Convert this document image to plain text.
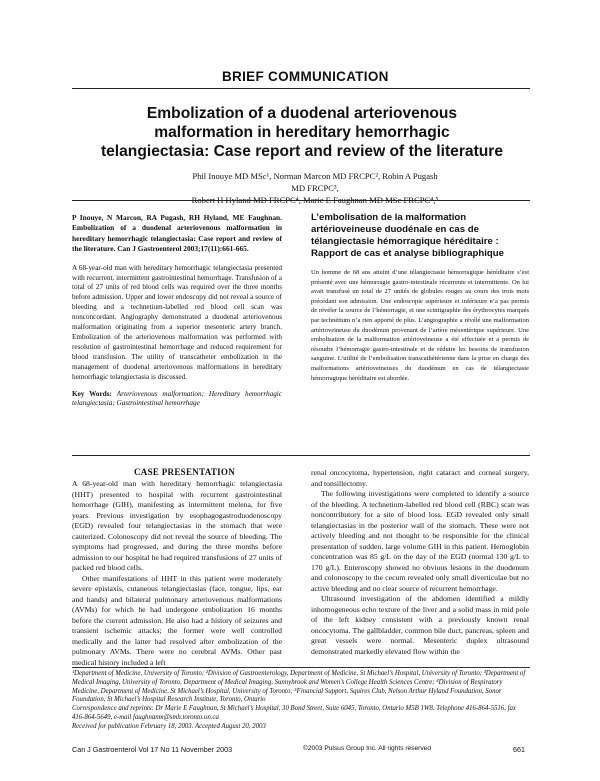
BRIEF COMMUNICATION
Embolization of a duodenal arteriovenous malformation in hereditary hemorrhagic telangiectasia: Case report and review of the literature
Phil Inouye MD MSc¹, Norman Marcon MD FRCPC², Robin A Pugash MD FRCPC³,
P Inouye, N Marcon, RA Pugash, RH Hyland, ME Faughnan. Embolization of a duodenal arteriovenous malformation in hereditary hemorrhagic telangiectasia: Case report and review of the literature. Can J Gastroenterol 2003;17(11):661-665.
A 68-year-old man with hereditary hemorrhagic telangiectasia presented with recurrent, intermittent gastrointestinal hemorrhage. Transfusion of a total of 27 units of red blood cells was required over the three months before admission. Upper and lower endoscopy did not reveal a source of bleeding and a technetium-labelled red blood cell scan was nonconcordant. Angiography demonstrated a duodenal arteriovenous malformation originating from a superior mesenteric artery branch. Embolization of the arteriovenous malformation was performed with resolution of gastrointestinal hemorrhage and reduced requirement for blood transfusion. The utility of transcatheter embolization in the management of duodenal arteriovenous malformations in hereditary hemorrhagic telangiectasia is discussed.
Key Words: Arteriovenous malformation; Hereditary hemorrhagic telangiectasia; Gastrointestinal hemorrhage
L’embolisation de la malformation artérioveineuse duodénale en cas de télangiectasie hémorragique héréditaire : Rapport de cas et analyse bibliographique
Un homme de 68 ans atteint d’une télangiectasie hémorragique héréditaire s’est présenté avec une hémorragie gastro-intestinale récurrente et intermittente. On lui avait transfusé un total de 27 unités de globules rouges au cours des trois mois précédant son admission. Une endoscopie supérieure et inférieure n’a pas permis de révéler la source de l’hémorragie, et une scintigraphie des érythrocytes marqués par technétium n’a rien apporté de plus. L’angiographie a révélé une malformation artérioveineuse du duodénum provenant de l’artère mésentérique supérieure. Une embolisation de la malformation artérioveineuse a été effectuée et a permis de résoudre l’hémorragie gastro-intestinale et de réduire les besoins de transfusion sanguine. L’utilité de l’embolisation transcathétérienne dans la prise en charge des malformations artérioveineuses du duodénum en cas de télangiectasie hémorragique héréditaire est abordée.
CASE PRESENTATION

A 68-year-old man with hereditary hemorrhagic telangiectasia (HHT) presented to hospital with recurrent gastrointestinal hemorrhage (GIH), manifesting as intermittent melena, for five years. Previous investigation by esophagogastroduodenoscopy (EGD) revealed four telangiectasias in the stomach that were cauterized. Colonoscopy did not reveal the source of bleeding. The symptoms had progressed, and during the three months before admission to our hospital he had required transfusions of 27 units of packed red blood cells.

Other manifestations of HHT in this patient were moderately severe epistaxis, cutaneous telangiectasias (face, tongue, lips, ear and hands) and bilateral pulmonary arteriovenous malformations (AVMs) for which he had undergone embolization 16 months before the current admission. He also had a history of seizures and transient ischemic attacks; the former were well controlled medically and the latter had resolved after embolization of the pulmonary AVMs. There were no cerebral AVMs. Other past medical history included a left

renal oncocytoma, hypertension, right cataract and corneal surgery, and tonsillectomy.

The following investigations were completed to identify a source of the bleeding. A technetium-labelled red blood cell (RBC) scan was noncontributory for a site of blood loss. EGD revealed only small telangiectasias in the posterior wall of the stomach. These were not actively bleeding and not thought to be responsible for the clinical presentation of sudden, large volume GIH in this patient. Hemoglobin concentration was 85 g/L on the day of the EGD (normal 130 g/L to 170 g/L). Enteroscopy showed no obvious lesions in the duodenum and colonoscopy to the cecum revealed only small diverticulae but no active bleeding and no clear source of recurrent hemorrhage.

Ultrasound investigation of the abdomen identified a mildly inhomogeneous echo texture of the liver and a solid mass in mid pole of the left kidney consistent with a previously known renal oncocytoma. The gallbladder, common bile duct, pancreas, spleen and great vessels were normal. Mesenteric duplex ultrasound demonstrated markedly elevated flow within the

¹Department of Medicine, University of Toronto; ²Division of Gastroenterology, Department of Medicine, St Michael’s Hospital, University of Toronto; ³Department of Medical Imaging, University of Toronto, Department of Medical Imaging, Sunnybrook and Women’s College Health Sciences Centre; ⁴Division of Respiratory Medicine, Department of Medicine, St Michael’s Hospital, University of Toronto; ⁵Financial Support, Squires Club, Nelson Arthur Hyland Foundation, Sonor Foundation, St Michael’s Hospital Research Institute, Toronto, Ontario
Correspondence and reprints: Dr Marie E Faughnan, St Michael’s Hospital, 30 Bond Street, Suite 6045, Toronto, Ontario M5B 1W8. Telephone 416-864-5516, fax 416-864-5649, e-mail faughnanm@smh.toronto.on.ca
Received for publication February 18, 2003. Accepted August 20, 2003
Can J Gastroenterol Vol 17 No 11 November 2003	©2003 Pulsus Group Inc. All rights reserved	661
